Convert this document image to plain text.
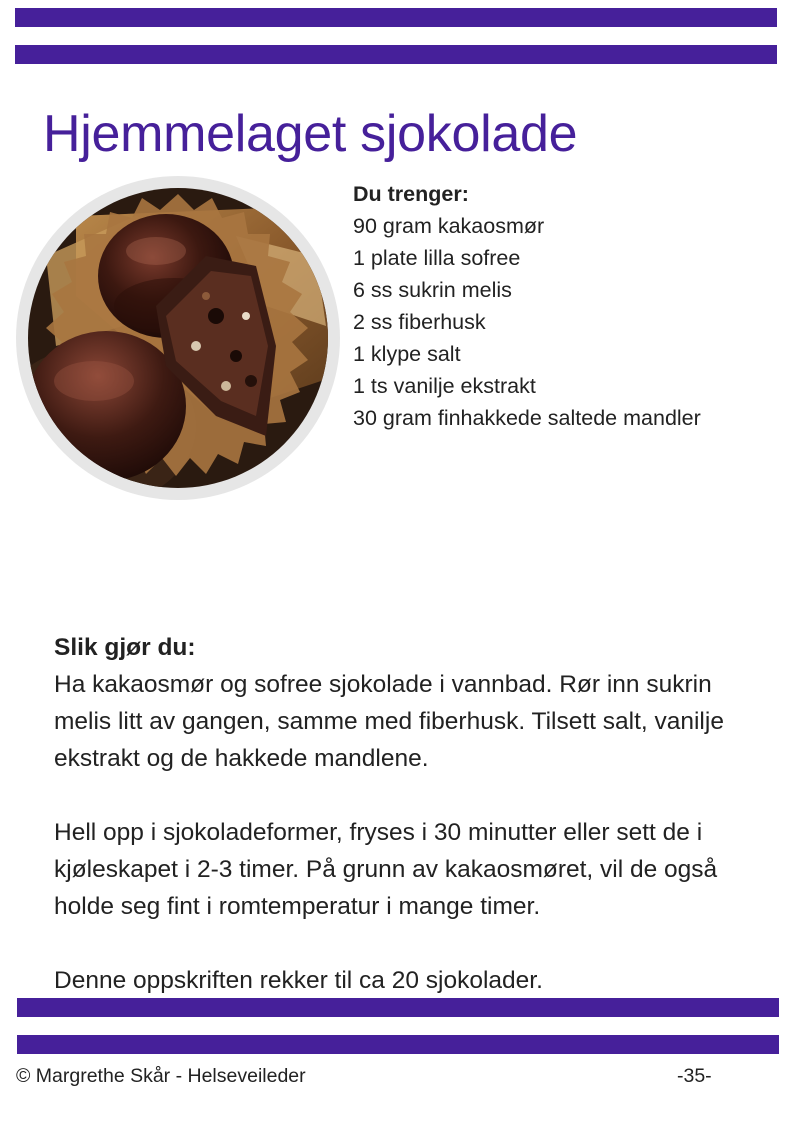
Hjemmelaget sjokolade
Du trenger:
90 gram kakaosmør
1 plate lilla sofree
6 ss sukrin melis
2 ss fiberhusk
1 klype salt
1 ts vanilje ekstrakt
30 gram finhakkede saltede mandler
Slik gjør du:

Ha kakaosmør og sofree sjokolade i vannbad. Rør inn sukrin melis litt av gangen, samme med fiberhusk. Tilsett salt, vanilje ekstrakt og de hakkede mandlene.

Hell opp i sjokoladeformer, fryses i 30 minutter eller sett de i kjøleskapet i 2-3 timer. På grunn av kakaosmøret, vil de også holde seg fint i romtemperatur i mange timer.

Denne oppskriften rekker til ca 20 sjokolader.

© Margrethe Skår - Helseveileder	-35-
